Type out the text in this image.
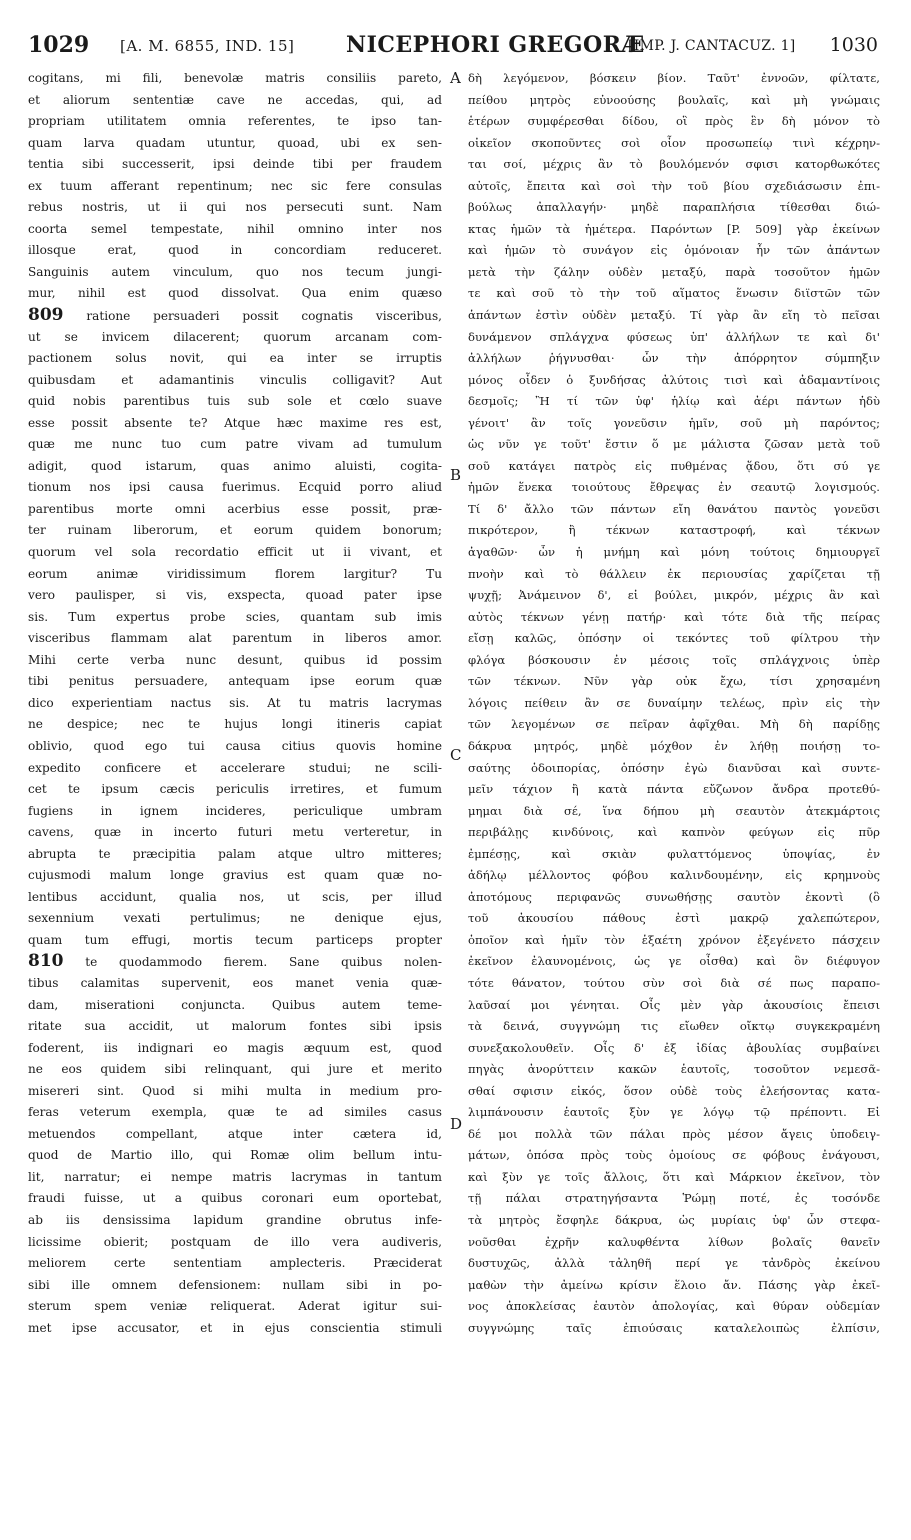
1029 [A. M. 6855, IND. 15] NICEPHORI GREGORÆ
[IMP. J. CANTACUZ. 1] 1030
cogitans, mi fili, benevolæ matris consiliis pareto,
et aliorum sententiæ cave ne accedas, qui, ad
propriam utilitatem omnia referentes, te ipso tan-
quam larva quadam utuntur, quoad, ubi ex sen-
tentia sibi successerit, ipsi deinde tibi per fraudem
ex tuum afferant repentinum; nec sic fere consulas
rebus nostris, ut ii qui nos persecuti sunt. Nam
coorta semel tempestate, nihil omnino inter nos
illosque erat, quod in concordiam reduceret.
Sanguinis autem vinculum, quo nos tecum jungi-
mur, nihil est quod dissolvat. Qua enim quæso
809 ratione persuaderi possit cognatis visceribus,
ut se invicem dilacerent; quorum arcanam com-
pactionem solus novit, qui ea inter se irruptis
quibusdam et adamantinis vinculis colligavit? Aut
quid nobis parentibus tuis sub sole et cœlo suave
esse possit absente te? Atque hæc maxime res est,
quæ me nunc tuo cum patre vivam ad tumulum
adigit, quod istarum, quas animo aluisti, cogita-
tionum nos ipsi causa fuerimus. Ecquid porro aliud
parentibus morte omni acerbius esse possit, præ-
ter ruinam liberorum, et eorum quidem bonorum;
quorum vel sola recordatio efficit ut ii vivant, et
eorum animæ viridissimum florem largitur? Tu
vero paulisper, si vis, exspecta, quoad pater ipse
sis. Tum expertus probe scies, quantam sub imis
visceribus flammam alat parentum in liberos amor.
Mihi certe verba nunc desunt, quibus id possim
tibi penitus persuadere, antequam ipse eorum quæ
dico experientiam nactus sis. At tu matris lacrymas
ne despice; nec te hujus longi itineris capiat
oblivio, quod ego tui causa citius quovis homine
expedito conficere et accelerare studui; ne scili-
cet te ipsum cæcis periculis irretires, et fumum
fugiens in ignem incideres, periculique umbram
cavens, quæ in incerto futuri metu verteretur, in
abrupta te præcipitia palam atque ultro mitteres;
cujusmodi malum longe gravius est quam quæ no-
lentibus accidunt, qualia nos, ut scis, per illud
sexennium vexati pertulimus; ne denique ejus,
quam tum effugi, mortis tecum particeps propter
810 te quodammodo fierem. Sane quibus nolen-
tibus calamitas supervenit, eos manet venia quæ-
dam, miserationi conjuncta. Quibus autem teme-
ritate sua accidit, ut malorum fontes sibi ipsis
foderent, iis indignari eo magis æquum est, quod
ne eos quidem sibi relinquant, qui jure et merito
misereri sint. Quod si mihi multa in medium pro-
feras veterum exempla, quæ te ad similes casus
metuendos compellant, atque inter cætera id,
quod de Martio illo, qui Romæ olim bellum intu-
lit, narratur; ei nempe matris lacrymas in tantum
fraudi fuisse, ut a quibus coronari eum oportebat,
ab iis densissima lapidum grandine obrutus infe-
licissime obierit; postquam de illo vera audiveris,
meliorem certe sententiam amplecteris. Præciderat
sibi ille omnem defensionem: nullam sibi in po-
sterum spem veniæ reliquerat. Aderat igitur sui-
met ipse accusator, et in ejus conscientia stimuli
δὴ λεγόμενον, βόσκειν βίον. Ταῦτ' ἐννοῶν, φίλτατε,
πείθου μητρὸς εὐνοούσης βουλαῖς, καὶ μὴ γνώμαις
ἑτέρων συμφέρεσθαι δίδου, οἳ πρὸς ἓν δὴ μόνον τὸ
οἰκεῖον σκοποῦντες σοὶ οἷον προσωπείῳ τινὶ κέχρην-
ται σοί, μέχρις ἂν τὸ βουλόμενόν σφισι κατορθωκότες
αὐτοῖς, ἔπειτα καὶ σοὶ τὴν τοῦ βίου σχεδιάσωσιν ἐπι-
βούλως ἀπαλλαγήν· μηδὲ παραπλήσια τίθεσθαι διώ-
κτας ἡμῶν τὰ ἡμέτερα. Παρόντων [P. 509] γὰρ ἐκείνων
καὶ ἡμῶν τὸ συνάγον εἰς ὁμόνοιαν ἦν τῶν ἁπάντων
μετὰ τὴν ζάλην οὐδὲν μεταξύ, παρὰ τοσοῦτον ἡμῶν
τε καὶ σοῦ τὸ τὴν τοῦ αἵματος ἕνωσιν διϊστῶν τῶν
ἁπάντων ἐστὶν οὐδὲν μεταξύ. Τί γὰρ ἂν εἴη τὸ πεῖσαι
δυνάμενον σπλάγχνα φύσεως ὑπ' ἀλλήλων τε καὶ δι'
ἀλλήλων ῥήγνυσθαι· ὧν τὴν ἀπόρρητον σύμπηξιν
μόνος οἶδεν ὁ ξυνδήσας ἀλύτοις τισὶ καὶ ἀδαμαντίνοις
δεσμοῖς; Ἢ τί τῶν ὑφ' ἡλίῳ καὶ ἀέρι πάντων ἡδὺ
γένοιτ' ἂν τοῖς γονεῦσιν ἡμῖν, σοῦ μὴ παρόντος;
ὡς νῦν γε τοῦτ' ἔστιν ὅ με μάλιστα ζῶσαν μετὰ τοῦ
σοῦ κατάγει πατρὸς εἰς πυθμένας ᾅδου, ὅτι σύ γε
ἡμῶν ἕνεκα τοιούτους ἔθρεψας ἐν σεαυτῷ λογισμούς.
Τί δ' ἄλλο τῶν πάντων εἴη θανάτου παντὸς γονεῦσι
πικρότερον, ἢ τέκνων καταστροφή, καὶ τέκνων
ἀγαθῶν· ὧν ἡ μνήμη καὶ μόνη τούτοις δημιουργεῖ
πνοὴν καὶ τὸ θάλλειν ἐκ περιουσίας χαρίζεται τῇ
ψυχῇ; Ἀνάμεινον δ', εἰ βούλει, μικρόν, μέχρις ἂν καὶ
αὐτὸς τέκνων γένῃ πατήρ· καὶ τότε διὰ τῆς πείρας
εἴσῃ καλῶς, ὁπόσην οἱ τεκόντες τοῦ φίλτρου τὴν
φλόγα βόσκουσιν ἐν μέσοις τοῖς σπλάγχνοις ὑπὲρ
τῶν τέκνων. Νῦν γὰρ οὐκ ἔχω, τίσι χρησαμένη
λόγοις πείθειν ἂν σε δυναίμην τελέως, πρὶν εἰς τὴν
τῶν λεγομένων σε πεῖραν ἀφῖχθαι. Μὴ δὴ παρίδῃς
δάκρυα μητρός, μηδὲ μόχθον ἐν λήθῃ ποιήσῃ το-
σαύτης ὁδοιπορίας, ὁπόσην ἐγὼ διανῦσαι καὶ συντε-
μεῖν τάχιον ἢ κατὰ πάντα εὔζωνον ἄνδρα προτεθύ-
μημαι διὰ σέ, ἵνα δήπου μὴ σεαυτὸν ἀτεκμάρτοις
περιβάλῃς κινδύνοις, καὶ καπνὸν φεύγων εἰς πῦρ
ἐμπέσῃς, καὶ σκιὰν φυλαττόμενος ὑποψίας, ἐν
ἀδήλῳ μέλλοντος φόβου καλινδουμένην, εἰς κρημνοὺς
ἀποτόμους περιφανῶς συνωθήσῃς σαυτὸν ἑκοντὶ (ὃ
τοῦ ἀκουσίου πάθους ἐστὶ μακρῷ χαλεπώτερον,
ὁποῖον καὶ ἡμῖν τὸν ἑξαέτη χρόνον ἐξεγένετο πάσχειν
ἐκεῖνον ἐλαυνομένοις, ὡς γε οἶσθα) καὶ ὃν διέφυγον
τότε θάνατον, τούτου σὺν σοὶ διὰ σέ πως παραπο-
λαῦσαί μοι γένηται. Οἷς μὲν γὰρ ἀκουσίοις ἔπεισι
τὰ δεινά, συγγνώμη τις εἴωθεν οἴκτῳ συγκεκραμένη
συνεξακολουθεῖν. Οἷς δ' ἐξ ἰδίας ἀβουλίας συμβαίνει
πηγὰς ἀνορύττειν κακῶν ἑαυτοῖς, τοσοῦτον νεμεσᾶ-
σθαί σφισιν εἰκός, ὅσον οὐδὲ τοὺς ἐλεήσοντας κατα-
λιμπάνουσιν ἑαυτοῖς ξὺν γε λόγῳ τῷ πρέποντι. Εἰ
δέ μοι πολλὰ τῶν πάλαι πρὸς μέσον ἄγεις ὑποδειγ-
μάτων, ὁπόσα πρὸς τοὺς ὁμοίους σε φόβους ἐνάγουσι,
καὶ ξὺν γε τοῖς ἄλλοις, ὅτι καὶ Μάρκιον ἐκεῖνον, τὸν
τῇ πάλαι στρατηγήσαντα Ῥώμῃ ποτέ, ἐς τοσόνδε
τὰ μητρὸς ἔσφηλε δάκρυα, ὡς μυρίαις ὑφ' ὧν στεφα-
νοῦσθαι ἐχρῆν καλυφθέντα λίθων βολαῖς θανεῖν
δυστυχῶς, ἀλλὰ τἀληθῆ περί γε τἀνδρὸς ἐκείνου
μαθὼν τὴν ἀμείνω κρίσιν ἕλοιο ἄν. Πάσης γὰρ ἐκεῖ-
νος ἀποκλείσας ἑαυτὸν ἀπολογίας, καὶ θύραν οὐδεμίαν
συγγνώμης ταῖς ἐπιούσαις καταλελοιπὼς ἐλπίσιν,
A
B
C
D
